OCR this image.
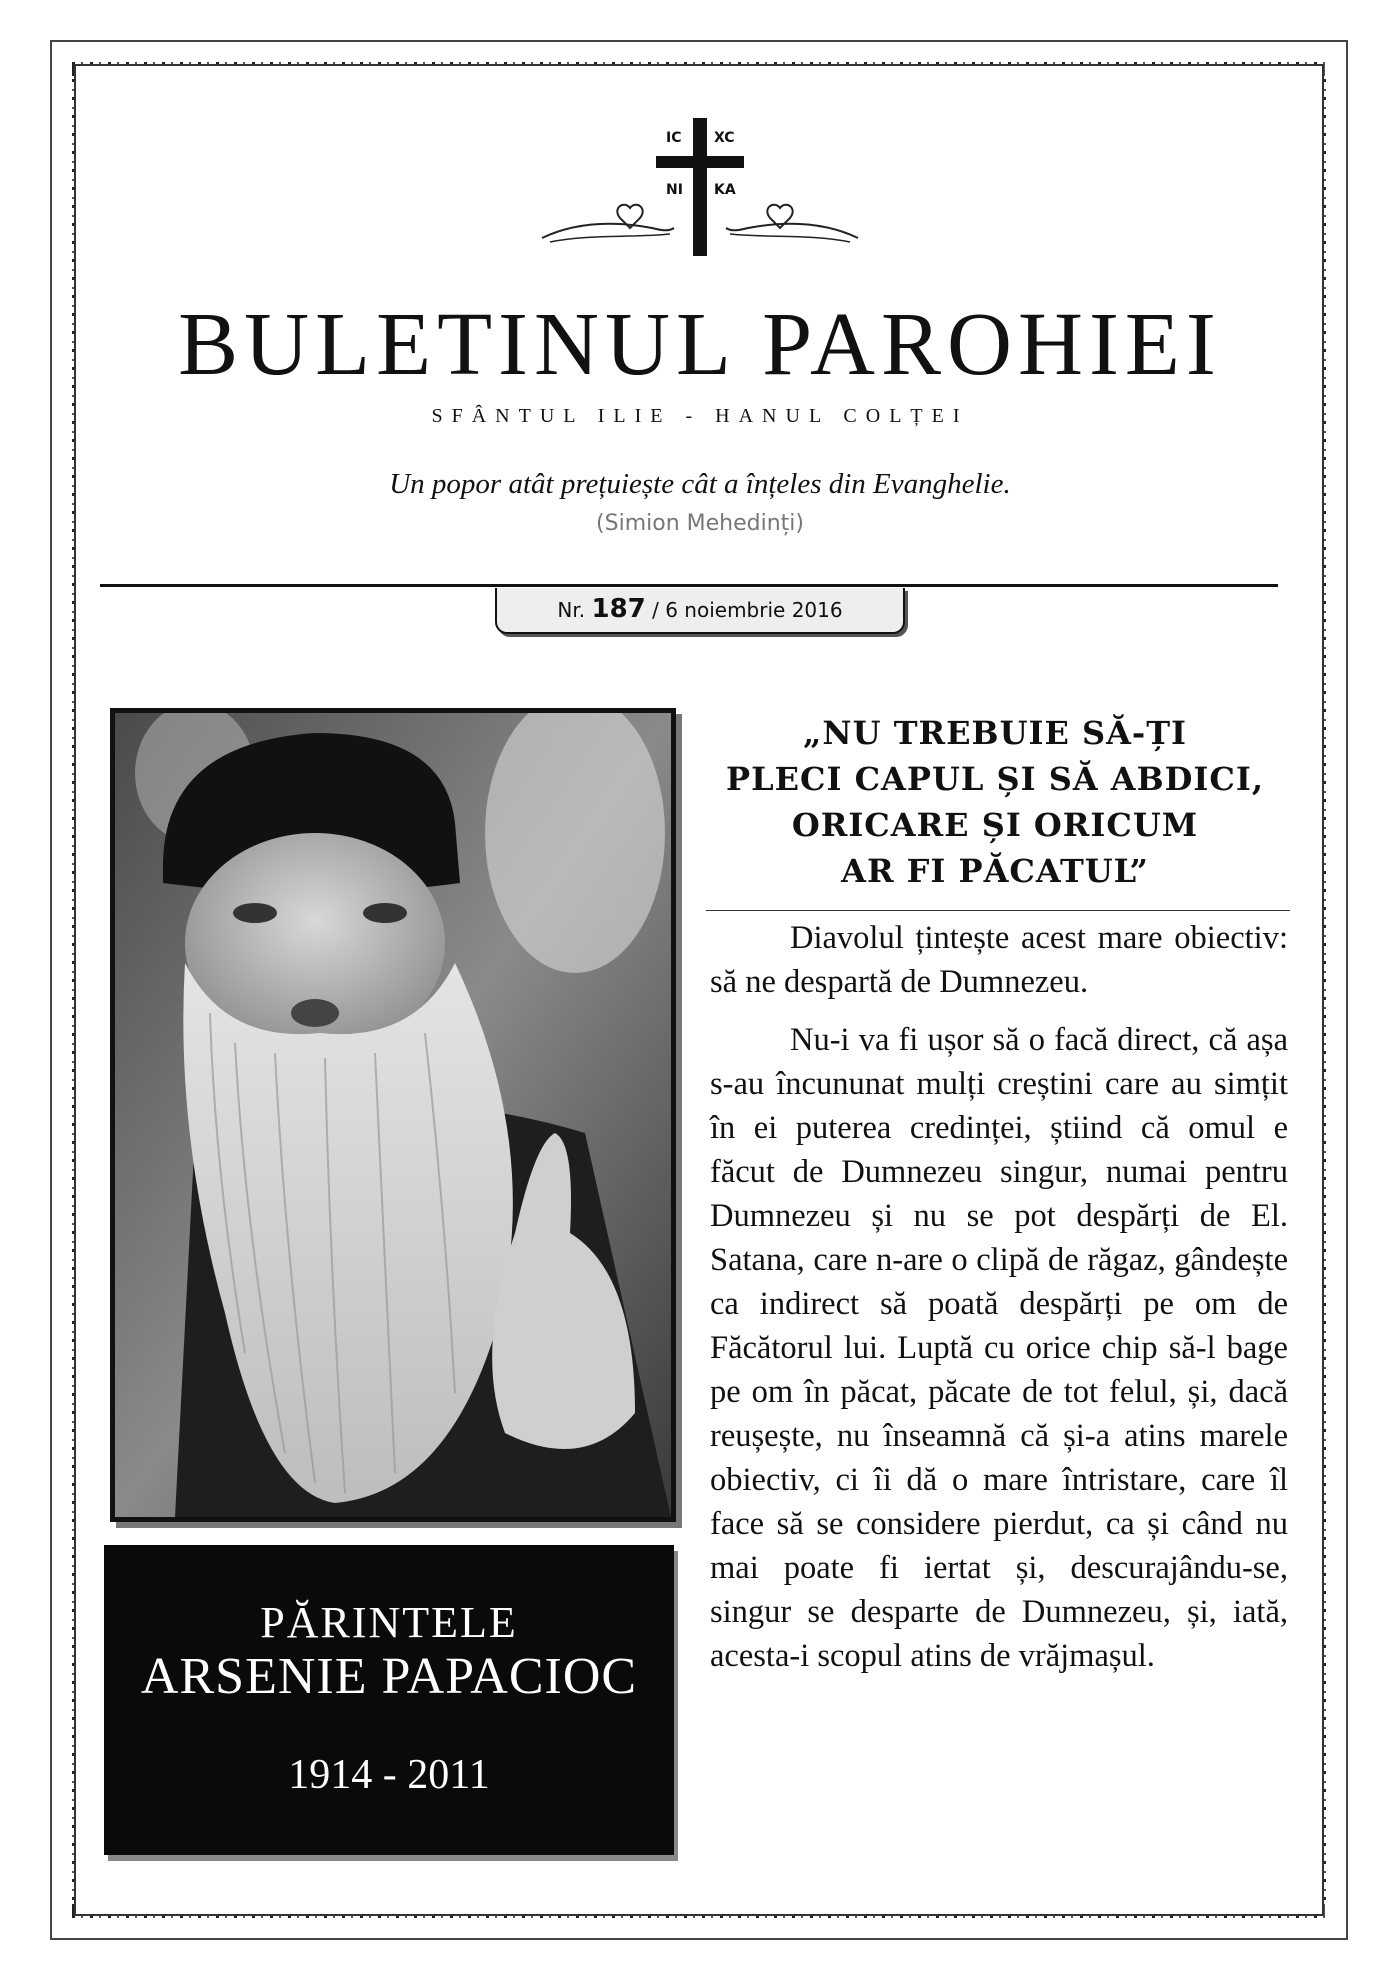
IC XC
NI KA
BULETINUL PAROHIEI
SFÂNTUL ILIE - HANUL COLȚEI
Un popor atât prețuiește cât a înțeles din Evanghelie.
(Simion Mehedinți)
Nr. 187 / 6 noiembrie 2016
PĂRINTELE
ARSENIE PAPACIOC
1914 - 2011
„NU TREBUIE SĂ-ȚI
PLECI CAPUL ȘI SĂ ABDICI,
ORICARE ȘI ORICUM
AR FI PĂCATUL”

Diavolul țintește acest mare obiectiv: să ne despartă de Dumnezeu.

Nu-i va fi ușor să o facă direct, că așa s-au încununat mulți creștini care au simțit în ei puterea credinței, știind că omul e făcut de Dumnezeu singur, numai pentru Dumnezeu și nu se pot despărți de El. Satana, care n-are o clipă de răgaz, gândește ca indirect să poată despărți pe om de Făcătorul lui. Luptă cu orice chip să-l bage pe om în păcat, păcate de tot felul, și, dacă reușește, nu înseamnă că și-a atins marele obiectiv, ci îi dă o mare întristare, care îl face să se considere pierdut, ca și când nu mai poate fi iertat și, descurajându-se, singur se desparte de Dumnezeu, și, iată, acesta-i scopul atins de vrăjmașul.
